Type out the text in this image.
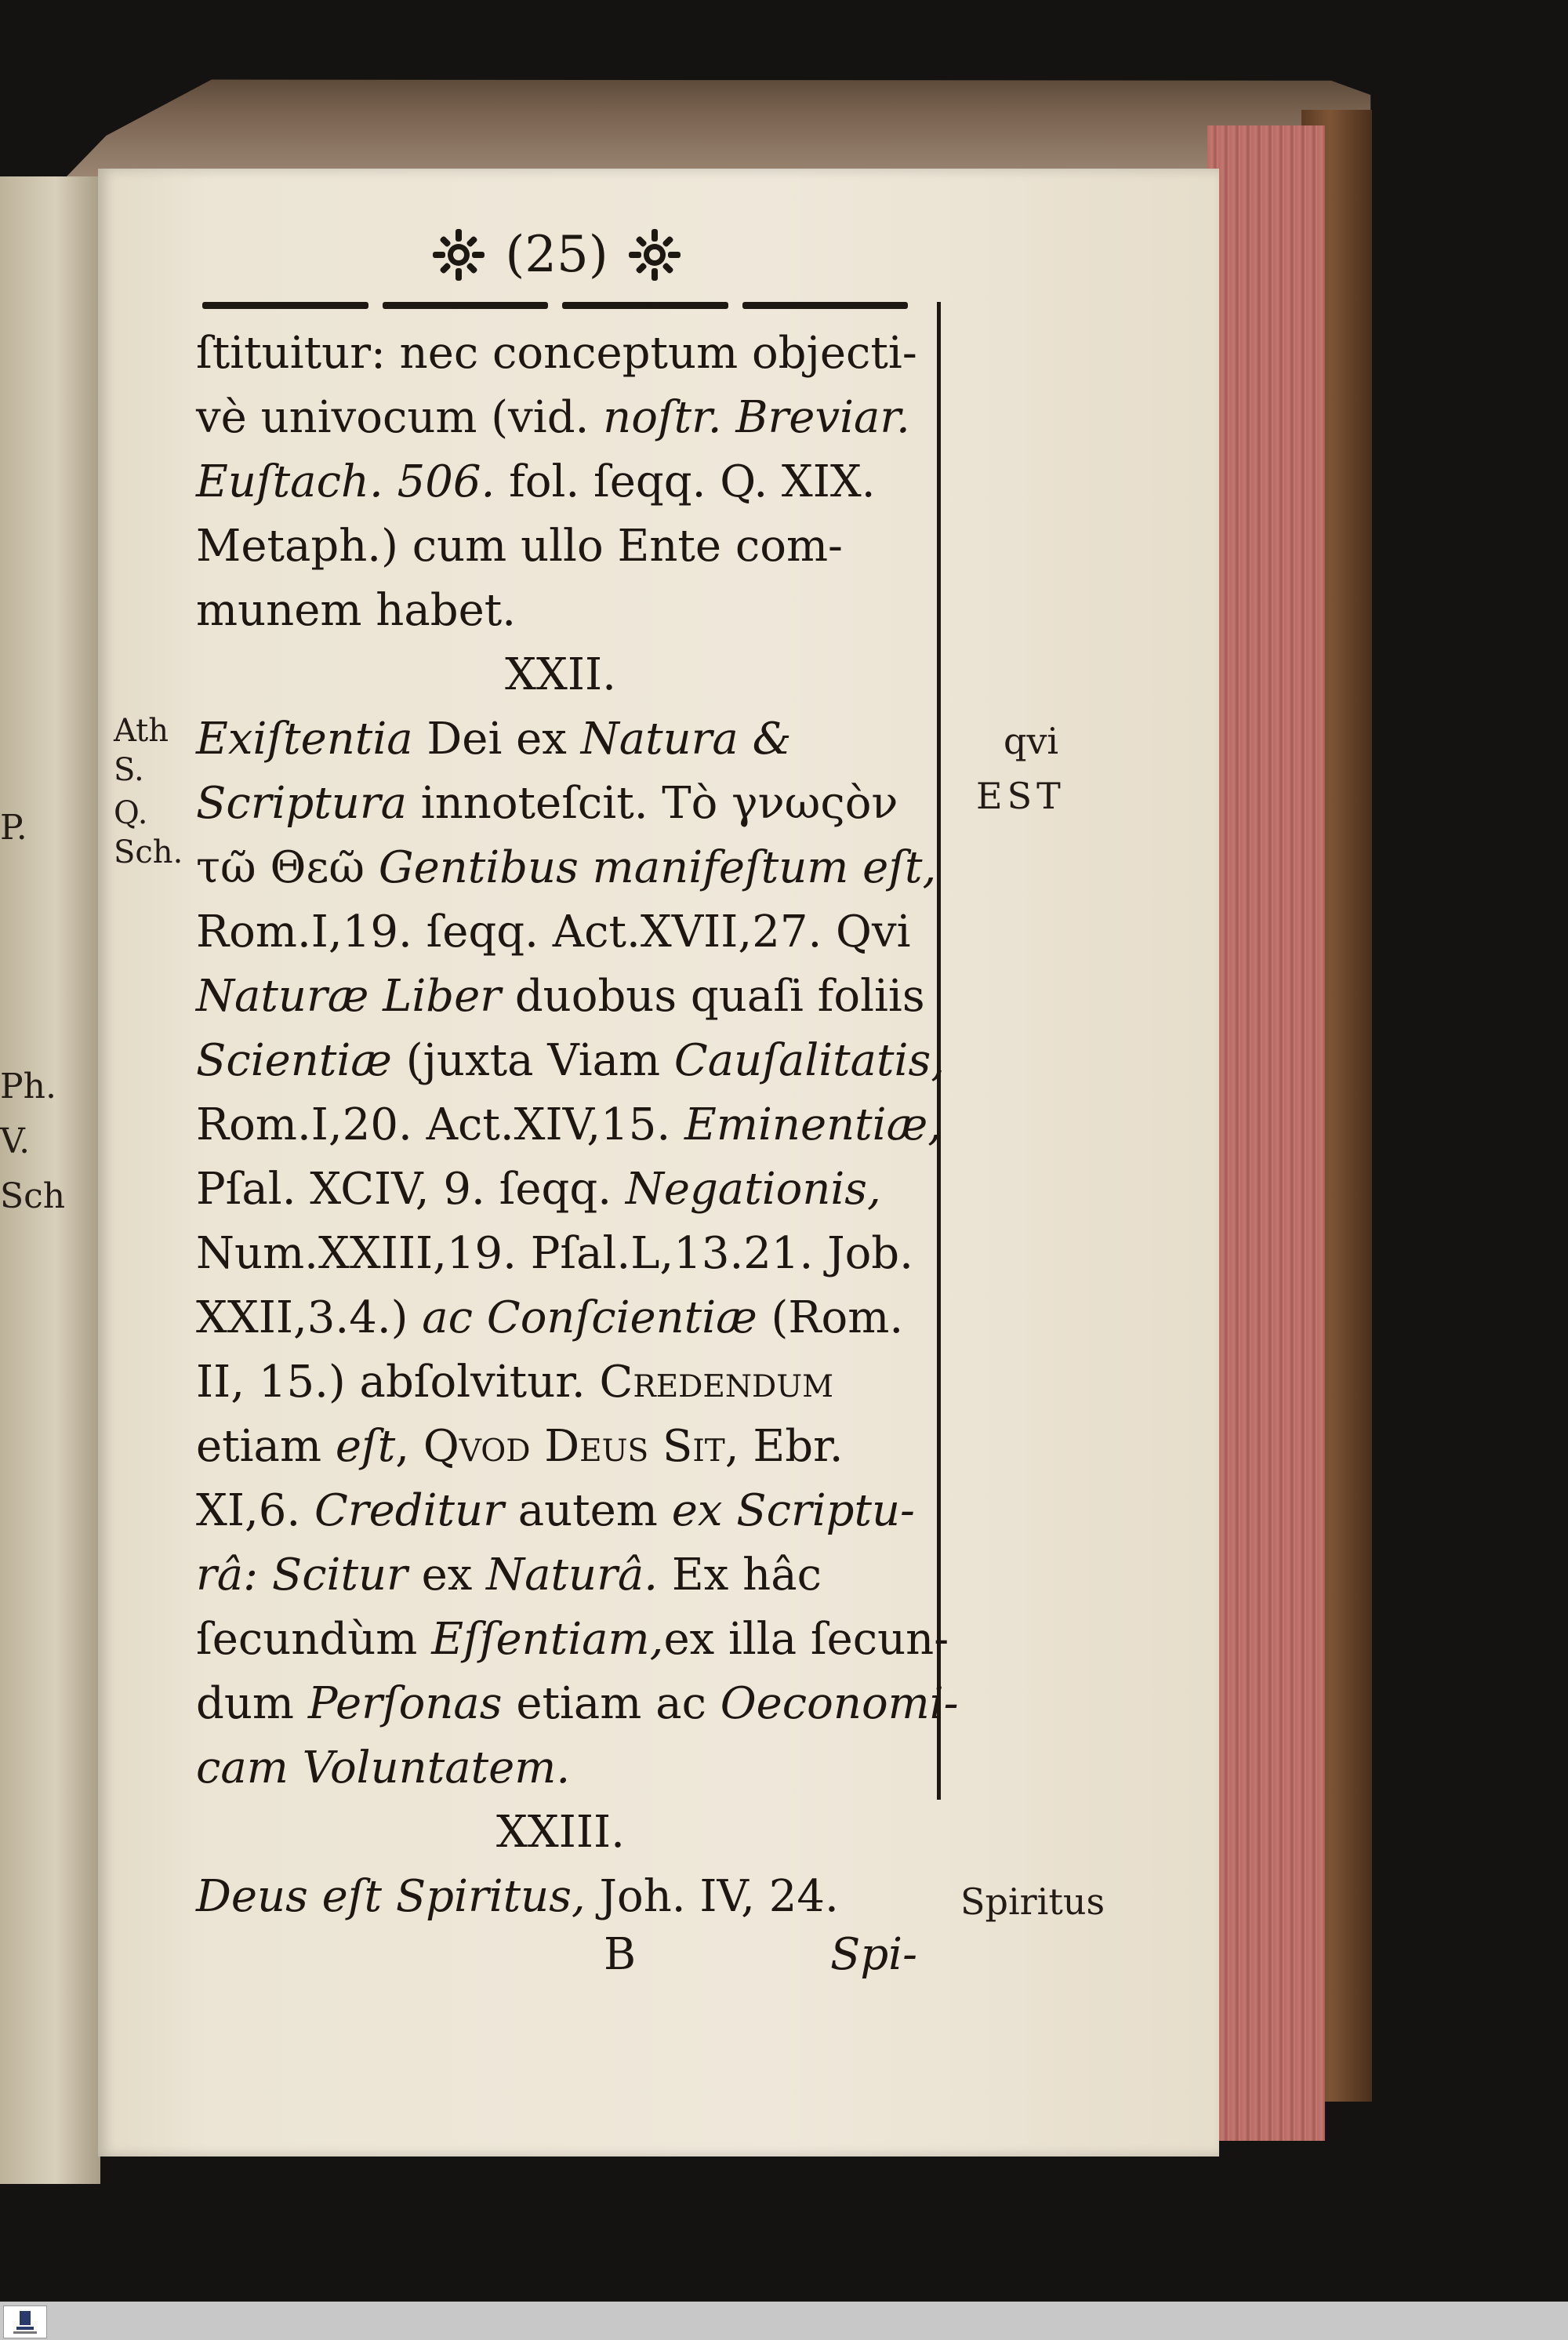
P.
Ph.
V.
Sch
(25)
ſtituitur: nec conceptum objecti-
vè univocum (vid. noſtr. Breviar.
Euſtach. 506. fol. ſeqq. Q. XIX.
Metaph.) cum ullo Ente com-
munem habet.
XXII.
Exiſtentia Dei ex Natura &
Scriptura innoteſcit. Τὸ γνωςὸν
τῶ Θεῶ Gentibus manifeſtum eſt,
Rom.I,19. ſeqq. Act.XVII,27. Qvi
Naturæ Liber duobus quaſi foliis
Scientiæ (juxta Viam Cauſalitatis,
Rom.I,20. Act.XIV,15. Eminentiæ,
Pſal. XCIV, 9. ſeqq. Negationis,
Num.XXIII,19. Pſal.L,13.21. Job.
XXII,3.4.) ac Conſcientiæ (Rom.
II, 15.) abſolvitur. Credendum
etiam eſt, Qvod Deus Sit, Ebr.
XI,6. Creditur autem ex Scriptu-
râ: Scitur ex Naturâ. Ex hâc
ſecundùm Eſſentiam,ex illa ſecun-
dum Perſonas etiam ac Oeconomi-
cam Voluntatem.
XXIII.
Deus eſt Spiritus, Joh. IV, 24.
Ath
S.
Q.
Sch.
qvi
EST
Spiritus
B	Spi-
